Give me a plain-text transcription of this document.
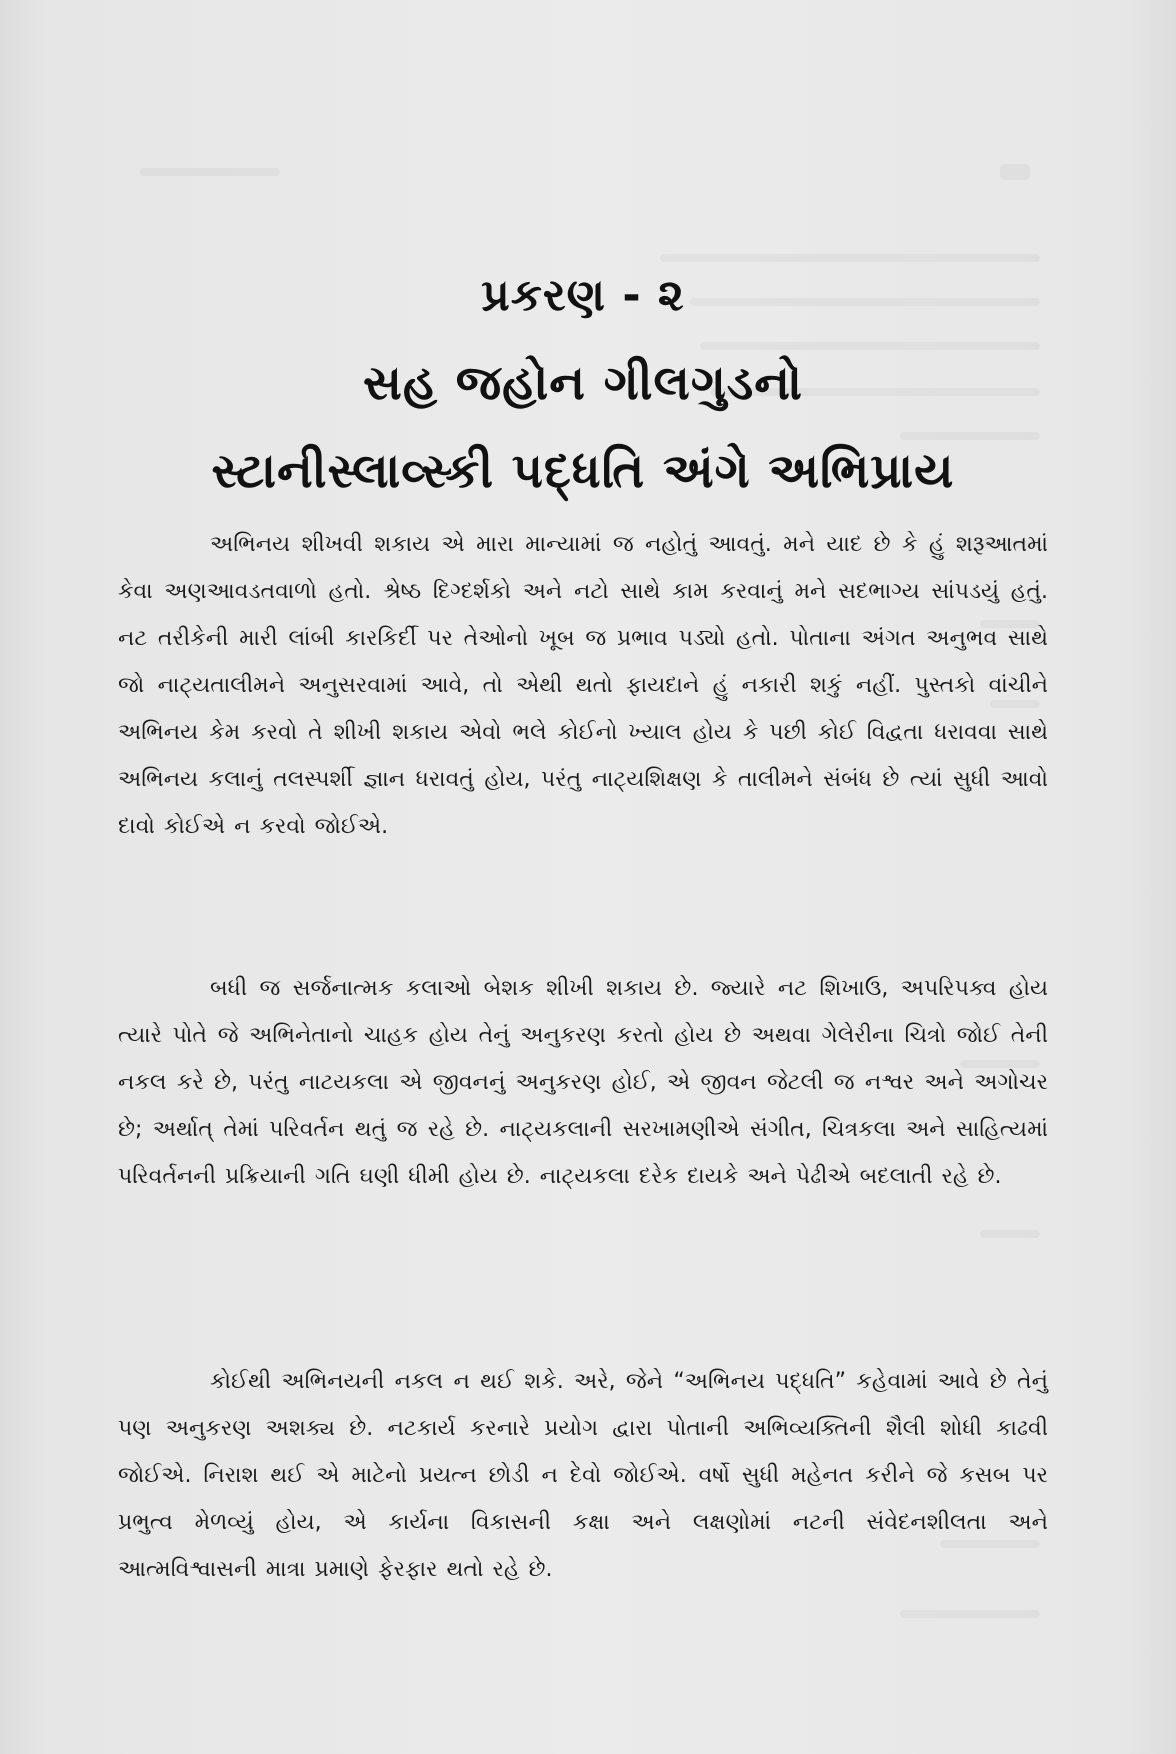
પ્રકરણ - ૨
સહ જહોન ગીલગુડનો
સ્ટાનીસ્લાવ્સ્કી પદ્ધતિ અંગે અભિપ્રાય

અભિનય શીખવી શકાય એ મારા માન્યામાં જ નહોતું આવતું. મને યાદ છે કે હું શરૂઆતમાં કેવા અણઆવડતવાળો હતો. શ્રેષ્ઠ દિગ્દર્શકો અને નટો સાથે કામ કરવાનું મને સદભાગ્ય સાંપડયું હતું. નટ તરીકેની મારી લાંબી કારકિર્દી પર તેઓનો ખૂબ જ પ્રભાવ પડ્યો હતો. પોતાના અંગત અનુભવ સાથે જો નાટ્યતાલીમને અનુસરવામાં આવે, તો એથી થતો ફાયદાને હું નકારી શકું નહીં. પુસ્તકો વાંચીને અભિનય કેમ કરવો તે શીખી શકાય એવો ભલે કોઈનો ખ્યાલ હોય કે પછી કોઈ વિદ્વતા ધરાવવા સાથે અભિનય કલાનું તલસ્પર્શી જ્ઞાન ધરાવતું હોય, પરંતુ નાટ્યશિક્ષણ કે તાલીમને સંબંધ છે ત્યાં સુધી આવો દાવો કોઈએ ન કરવો જોઈએ.

બધી જ સર્જનાત્મક કલાઓ બેશક શીખી શકાય છે. જ્યારે નટ શિખાઉ, અપરિપક્વ હોય ત્યારે પોતે જે અભિનેતાનો ચાહક હોય તેનું અનુકરણ કરતો હોય છે અથવા ગેલેરીના ચિત્રો જોઈ તેની નકલ કરે છે, પરંતુ નાટયકલા એ જીવનનું અનુકરણ હોઈ, એ જીવન જેટલી જ નશ્વર અને અગોચર છે; અર્થાત્ તેમાં પરિવર્તન થતું જ રહે છે. નાટ્યકલાની સરખામણીએ સંગીત, ચિત્રકલા અને સાહિત્યમાં પરિવર્તનની પ્રક્રિયાની ગતિ ઘણી ધીમી હોય છે. નાટ્યકલા દરેક દાયકે અને પેઢીએ બદલાતી રહે છે.

કોઈથી અભિનયની નકલ ન થઈ શકે. અરે, જેને “અભિનય પદ્ધતિ” કહેવામાં આવે છે તેનું પણ અનુકરણ અશક્ય છે. નટકાર્ય કરનારે પ્રયોગ દ્વારા પોતાની અભિવ્યક્તિની શૈલી શોધી કાઢવી જોઈએ. નિરાશ થઈ એ માટેનો પ્રયત્ન છોડી ન દેવો જોઈએ. વર્ષો સુધી મહેનત કરીને જે કસબ પર પ્રભુત્વ મેળવ્યું હોય, એ કાર્યના વિકાસની કક્ષા અને લક્ષણોમાં નટની સંવેદનશીલતા અને આત્મવિશ્વાસની માત્રા પ્રમાણે ફેરફાર થતો રહે છે.
